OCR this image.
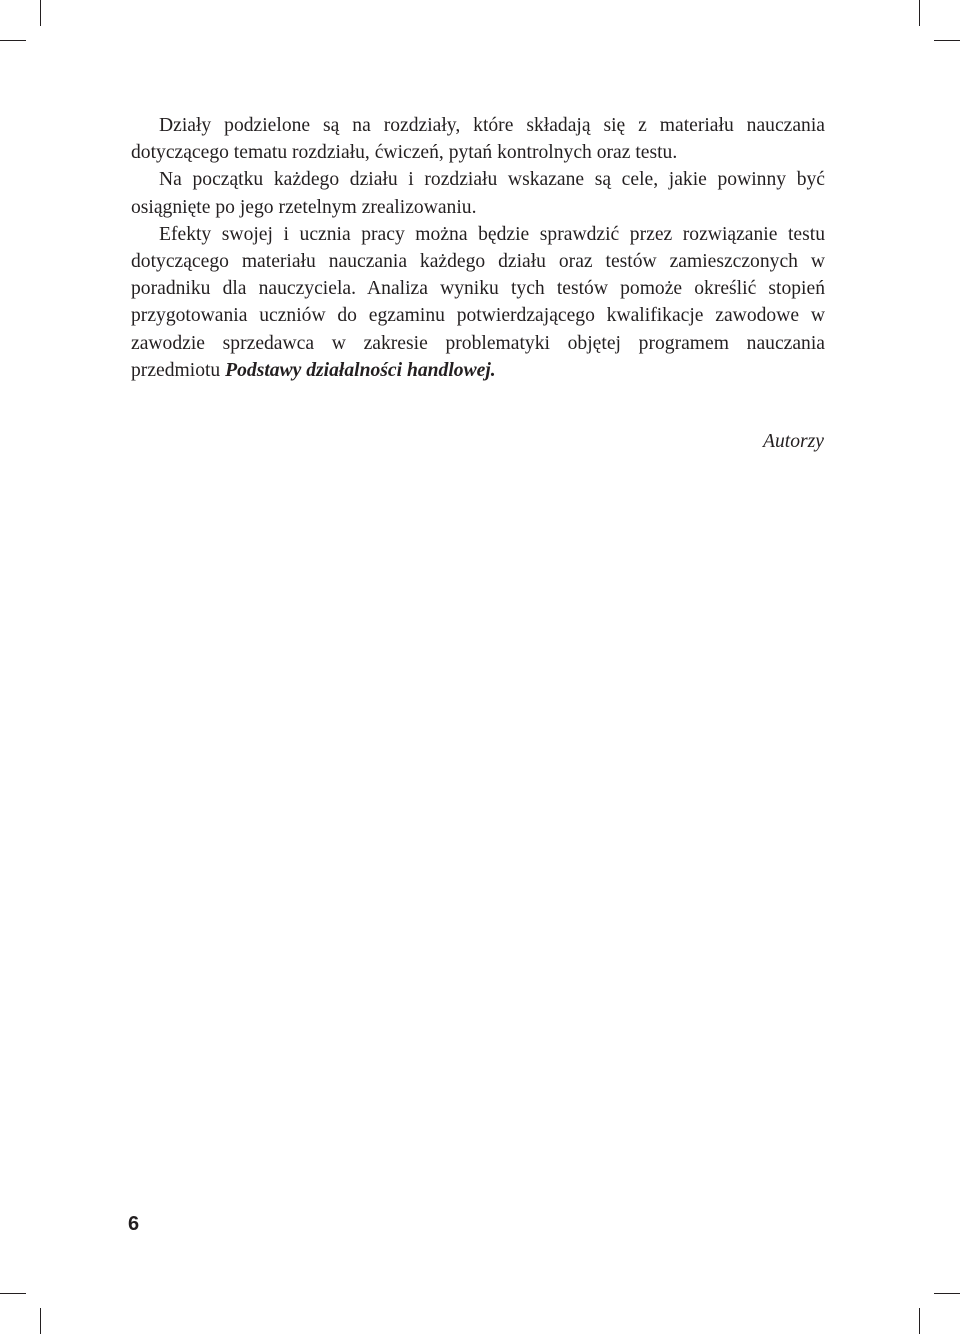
Działy podzielone są na rozdziały, które składają się z materiału nauczania dotyczącego tematu rozdziału, ćwiczeń, pytań kontrolnych oraz testu.

Na początku każdego działu i rozdziału wskazane są cele, jakie powinny być osiągnięte po jego rzetelnym zrealizowaniu.

Efekty swojej i ucznia pracy można będzie sprawdzić przez rozwiązanie testu dotyczącego materiału nauczania każdego działu oraz testów zamieszczonych w poradniku dla nauczyciela. Analiza wyniku tych testów pomoże określić stopień przygotowania uczniów do egzaminu potwierdzającego kwalifikacje zawodowe w zawodzie sprzedawca w zakresie problematyki objętej programem nauczania przedmiotu Podstawy działalności handlowej.

Autorzy

6
